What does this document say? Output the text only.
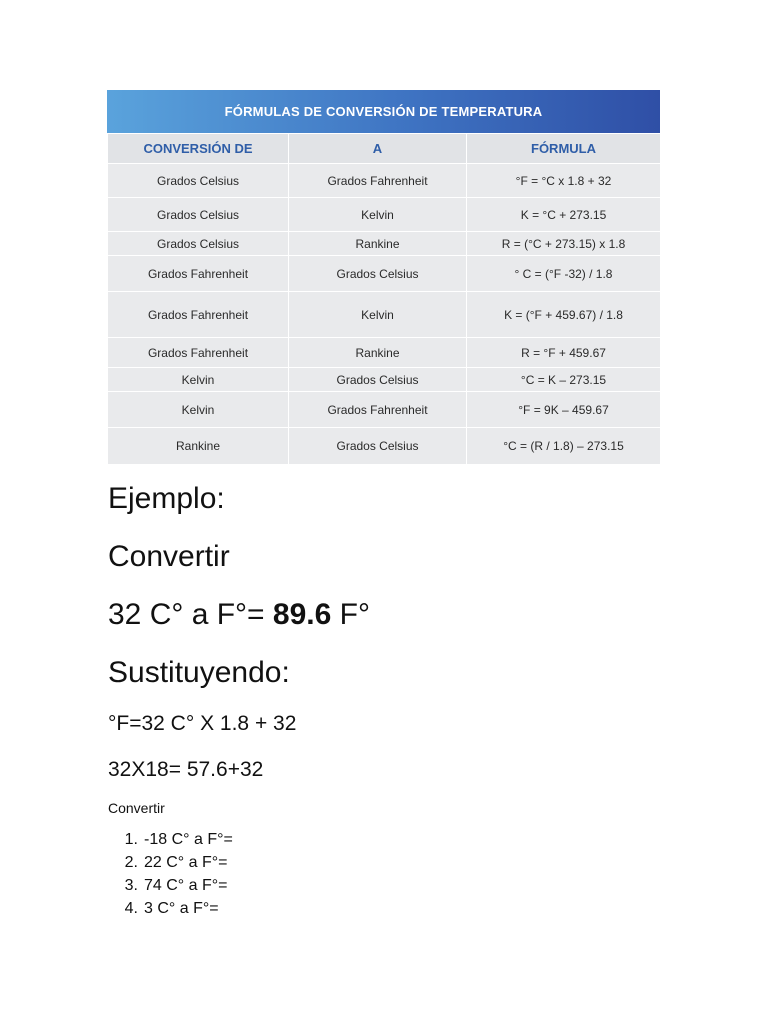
FÓRMULAS DE CONVERSIÓN DE TEMPERATURA
CONVERSIÓN DE	A	FÓRMULA
Grados Celsius	Grados Fahrenheit	°F = °C x 1.8 + 32
Grados Celsius	Kelvin	K = °C + 273.15
Grados Celsius	Rankine	R = (°C + 273.15) x 1.8
Grados Fahrenheit	Grados Celsius	° C = (°F -32) / 1.8
Grados Fahrenheit	Kelvin	K = (°F + 459.67) / 1.8
Grados Fahrenheit	Rankine	R = °F + 459.67
Kelvin	Grados Celsius	°C = K – 273.15
Kelvin	Grados Fahrenheit	°F = 9K – 459.67
Rankine	Grados Celsius	°C = (R / 1.8) – 273.15
Ejemplo:
Convertir
32 C° a F°= 89.6 F°
Sustituyendo:
°F=32 C° X 1.8 + 32
32X18= 57.6+32
Convertir
1. -18 C° a F°=
2. 22 C° a F°=
3. 74 C° a F°=
4. 3 C° a F°=
